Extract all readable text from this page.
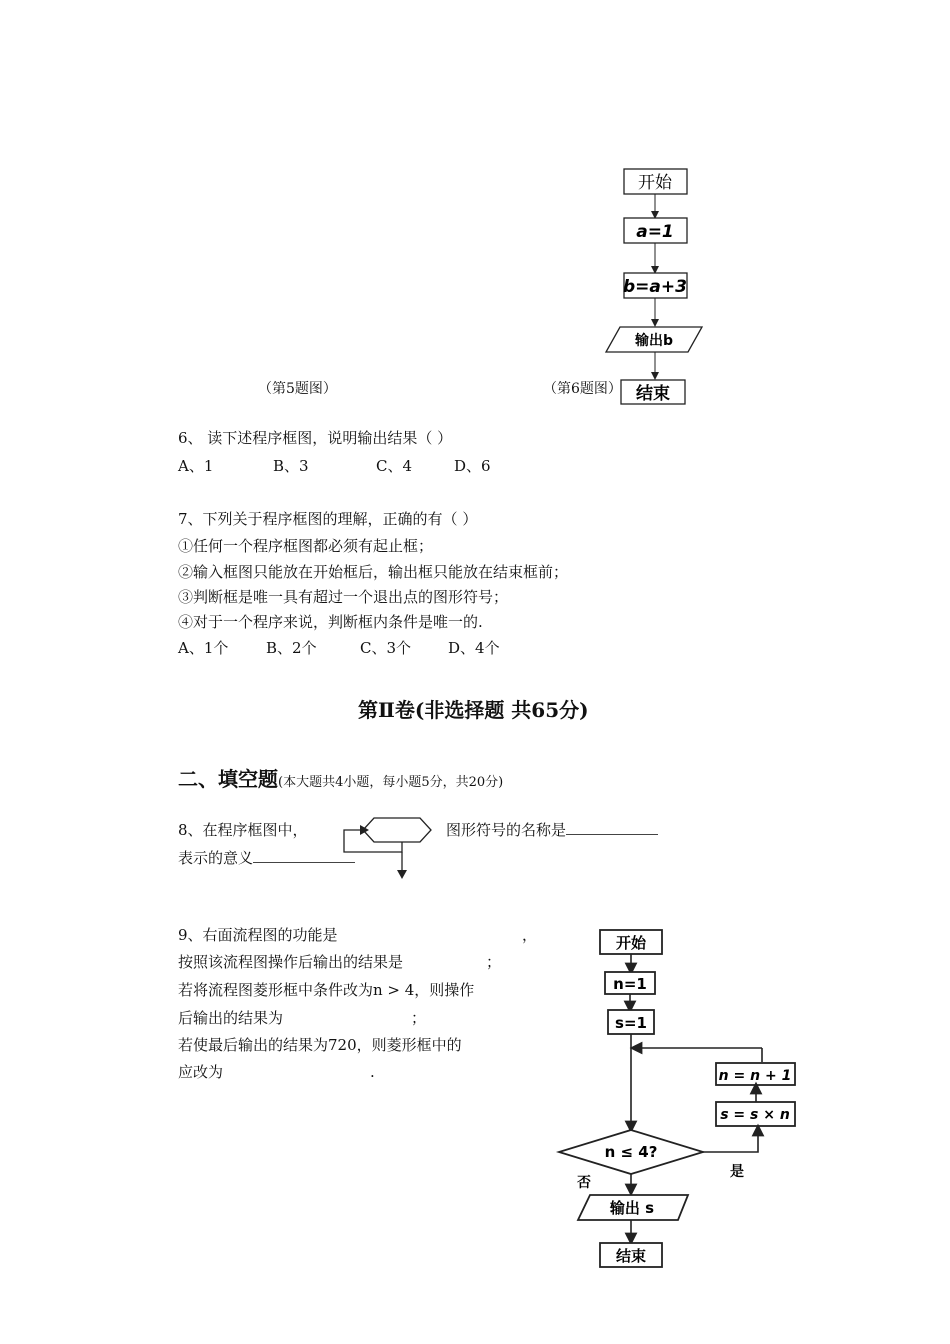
开始
a=1
b=a+3
输出b
结束
（第5题图）	（第6题图）
6、 读下述程序框图，说明输出结果（ ）
A、1	B、3	C、4	D、6
7、下列关于程序框图的理解，正确的有（ ）
①任何一个程序框图都必须有起止框；
②输入框图只能放在开始框后，输出框只能放在结束框前；
③判断框是唯一具有超过一个退出点的图形符号；
④对于一个程序来说，判断框内条件是唯一的.
A、1个	B、2个	C、3个 D、4个
第Ⅱ卷(非选择题 共65分)
二、填空题(本大题共4小题，每小题5分，共20分)
8、在程序框图中，	图形符号的名称是
表示的意义
9、右面流程图的功能是	，
按照该流程图操作后输出的结果是	；
若将流程图菱形框中条件改为n > 4，则操作
后输出的结果为	；
若使最后输出的结果为720，则菱形框中的
应改为	.
开始
n=1
s=1
n = n + 1
s = s × n
n ≤ 4?
是
否
输出 s
结束
